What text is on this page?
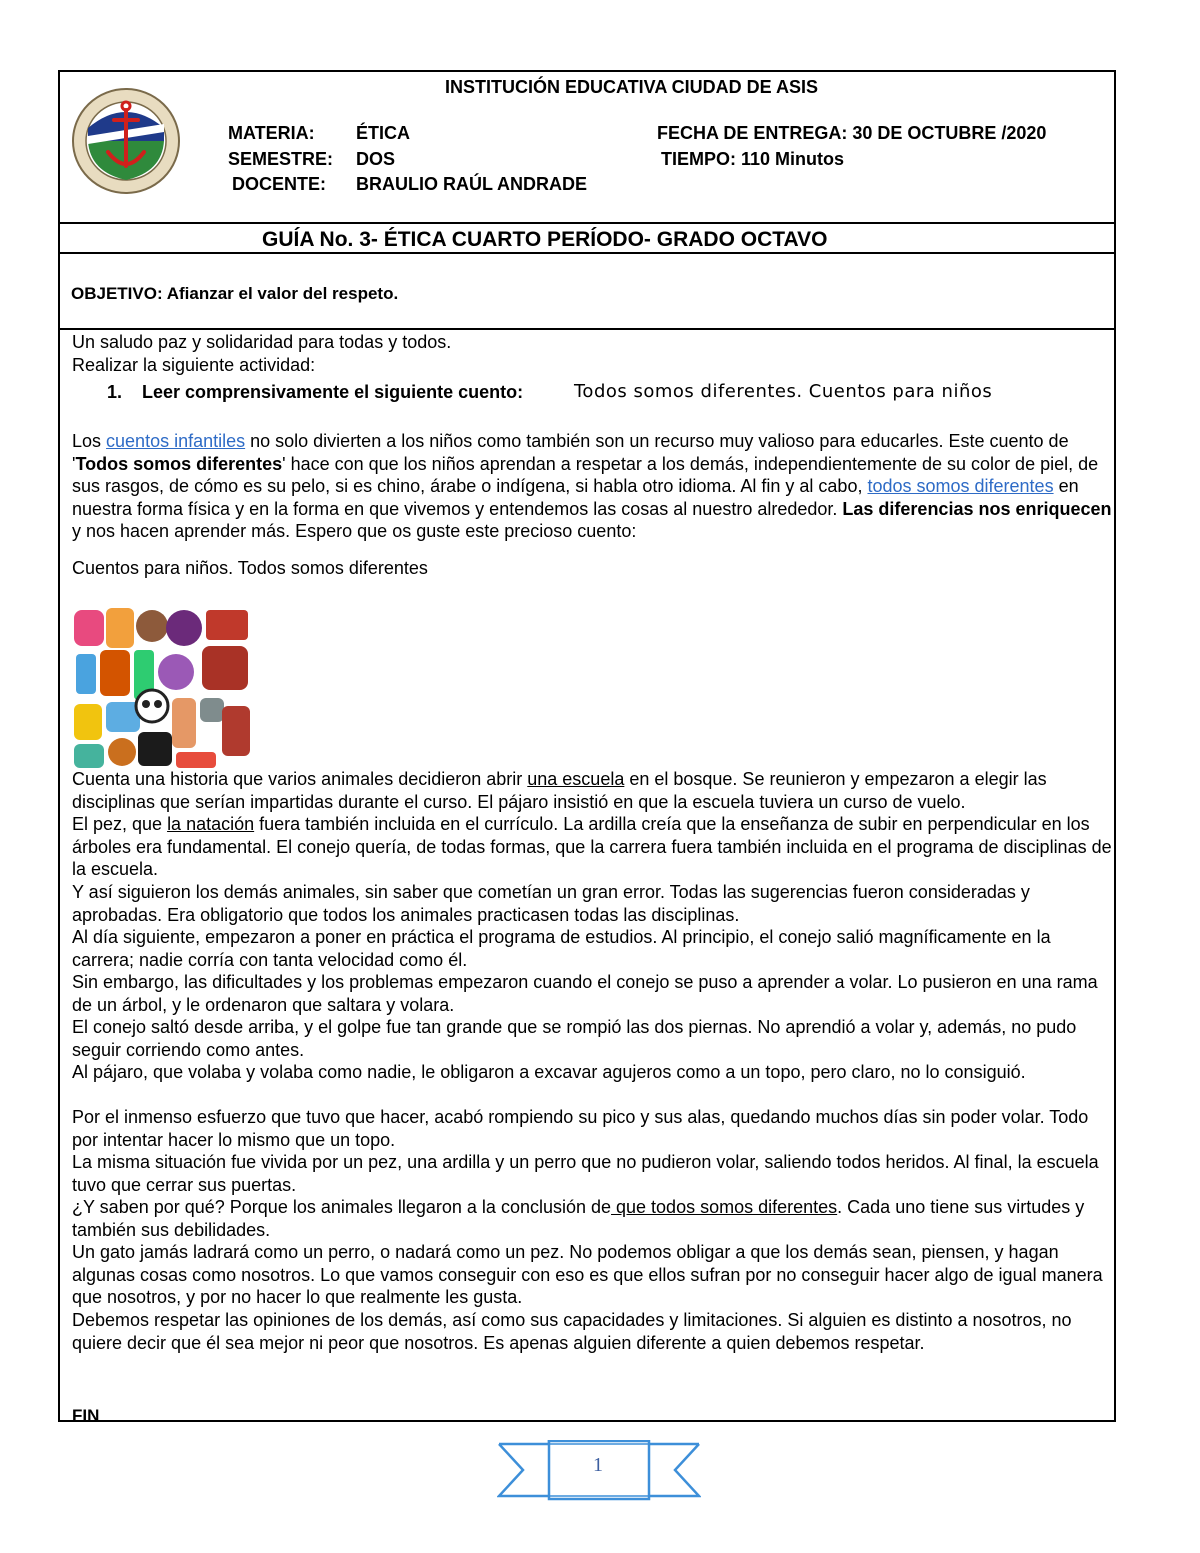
INSTITUCIÓN EDUCATIVA CIUDAD DE ASIS
MATERIA: ÉTICA
SEMESTRE: DOS
DOCENTE: BRAULIO RAÚL ANDRADE
FECHA DE ENTREGA: 30 DE OCTUBRE /2020
TIEMPO: 110 Minutos
GUÍA No. 3- ÉTICA CUARTO PERÍODO- GRADO OCTAVO
OBJETIVO: Afianzar el valor del respeto.
Un saludo paz y solidaridad para todas y todos.
Realizar la siguiente actividad:
1. Leer comprensivamente el siguiente cuento:	Todos somos diferentes. Cuentos para niños
Los cuentos infantiles no solo divierten a los niños como también son un recurso muy valioso para educarles. Este cuento de 'Todos somos diferentes' hace con que los niños aprendan a respetar a los demás, independientemente de su color de piel, de sus rasgos, de cómo es su pelo, si es chino, árabe o indígena, si habla otro idioma. Al fin y al cabo, todos somos diferentes en nuestra forma física y en la forma en que vivemos y entendemos las cosas al nuestro alrededor. Las diferencias nos enriquecen y nos hacen aprender más. Espero que os guste este precioso cuento:
Cuentos para niños. Todos somos diferentes
Cuenta una historia que varios animales decidieron abrir una escuela en el bosque. Se reunieron y empezaron a elegir las disciplinas que serían impartidas durante el curso. El pájaro insistió en que la escuela tuviera un curso de vuelo.
El pez, que la natación fuera también incluida en el currículo. La ardilla creía que la enseñanza de subir en perpendicular en los árboles era fundamental. El conejo quería, de todas formas, que la carrera fuera también incluida en el programa de disciplinas de la escuela.
Y así siguieron los demás animales, sin saber que cometían un gran error. Todas las sugerencias fueron consideradas y aprobadas. Era obligatorio que todos los animales practicasen todas las disciplinas.
Al día siguiente, empezaron a poner en práctica el programa de estudios. Al principio, el conejo salió magníficamente en la carrera; nadie corría con tanta velocidad como él.
Sin embargo, las dificultades y los problemas empezaron cuando el conejo se puso a aprender a volar. Lo pusieron en una rama de un árbol, y le ordenaron que saltara y volara.
El conejo saltó desde arriba, y el golpe fue tan grande que se rompió las dos piernas. No aprendió a volar y, además, no pudo seguir corriendo como antes.
Al pájaro, que volaba y volaba como nadie, le obligaron a excavar agujeros como a un topo, pero claro, no lo consiguió.
Por el inmenso esfuerzo que tuvo que hacer, acabó rompiendo su pico y sus alas, quedando muchos días sin poder volar. Todo por intentar hacer lo mismo que un topo.
La misma situación fue vivida por un pez, una ardilla y un perro que no pudieron volar, saliendo todos heridos. Al final, la escuela tuvo que cerrar sus puertas.
¿Y saben por qué? Porque los animales llegaron a la conclusión de que todos somos diferentes. Cada uno tiene sus virtudes y también sus debilidades.
Un gato jamás ladrará como un perro, o nadará como un pez. No podemos obligar a que los demás sean, piensen, y hagan algunas cosas como nosotros. Lo que vamos conseguir con eso es que ellos sufran por no conseguir hacer algo de igual manera que nosotros, y por no hacer lo que realmente les gusta.
Debemos respetar las opiniones de los demás, así como sus capacidades y limitaciones. Si alguien es distinto a nosotros, no quiere decir que él sea mejor ni peor que nosotros. Es apenas alguien diferente a quien debemos respetar.
FIN
1
